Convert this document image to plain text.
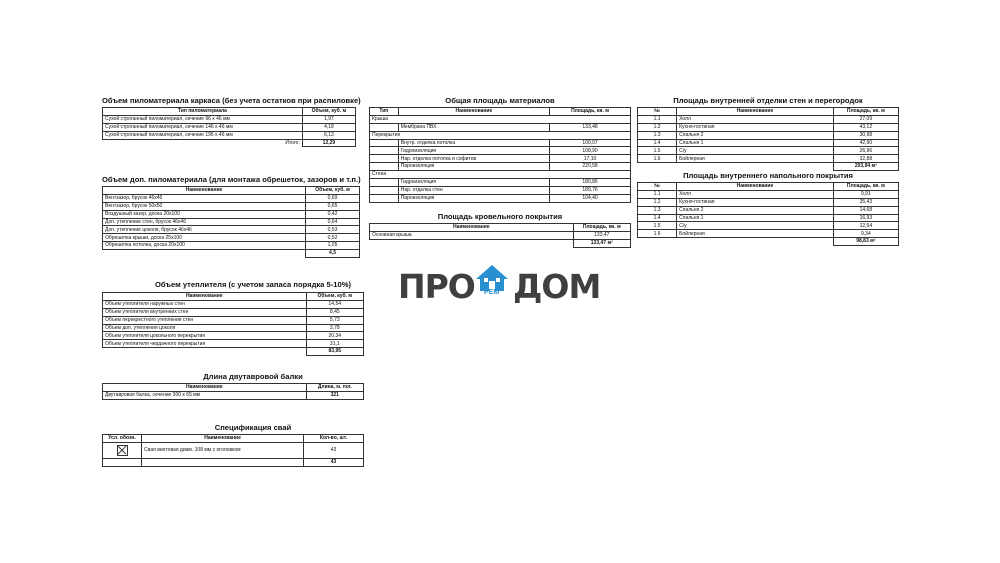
Объем пиломатериала каркаса (без учета остатков при распиловке)
Тип пиломатериала	Объем, куб. м
Сухой строганный пиломатериал, сечение 96 х 46 мм	1,97
Сухой строганный пиломатериал, сечение 146 х 46 мм	4,18
Сухой строганный пиломатериал, сечение 196 х 46 мм	6,13
Итого:	12,29
Объем доп. пиломатериала (для монтажа обрешеток, зазоров и т.п.)
Наименование	Объем, куб. м
Вентзазор, брусок 46х46	0,69
Вентзазор, брусок 50х50	0,65
Воздушный зазор, доска 20х100	0,42
Доп. утепление стен, брусок 46х46	0,64
Доп. утепление цоколя, брусок 46х46	0,53
Обрешетка крыши, доска 25х100	0,52
Обрешетка потолка, доска 20х100	1,05
	4,5
Объем утеплителя (с учетом запаса порядка 5-10%)
Наименование	Объем, куб. м
Объем утеплителя наружных стен	14,54
Объем утеплителя внутренних стен	8,45
Объем перекрестного утепления стен	5,73
Объем доп. утепления цоколя	3,78
Объем утеплителя цокольного перекрытия	20,34
Объем утеплителя чердачного перекрытия	31,1
	83,95
Длина двутавровой балки
Наименование	Длина, м. пог.
Двутавровая балка, сечение 300 х 65 мм	321
Спецификация свай
Усл. обозн.	Наименование	Кол-во, шт.

	Свая винтовая диам. 108 мм с оголовком	43
		43
Общая площадь материалов
Тип	Наименование	Площадь, кв. м
Крыша		
	Мембрана ПВХ	133,48
Перекрытие		
	Внутр. отделка потолка	100,07
	Гидроизоляция	108,90
	Нар. отделка потолка и софитов	17,10
	Пароизоляция	220,58
Стена		
	Гидроизоляция	180,86
	Нар. отделка стен	189,76
	Пароизоляция	104,40
Площадь кровельного покрытия
Наименование	Площадь, кв. м
Основная крыша	133,47
	133,47 м²
Площадь внутренней отделки стен и перегородок
№	Наименование	Площадь, кв. м
1.1	Холл	27,09
1.2	Кухня-гостиная	43,12
1.3	Спальня 2	30,98
1.4	Спальня 1	42,90
1.5	С/у	26,96
1.6	Бойлерная	32,88
		203,94 м²
Площадь внутреннего напольного покрытия
№	Наименование	Площадь, кв. м
1.1	Холл	9,91
1.2	Кухня-гостиная	35,43
1.3	Спальня 2	14,68
1.4	Спальня 1	16,93
1.5	С/у	12,54
1.6	Бойлерная	9,34
		98,83 м²
ПРО РЕМ ДОМ
